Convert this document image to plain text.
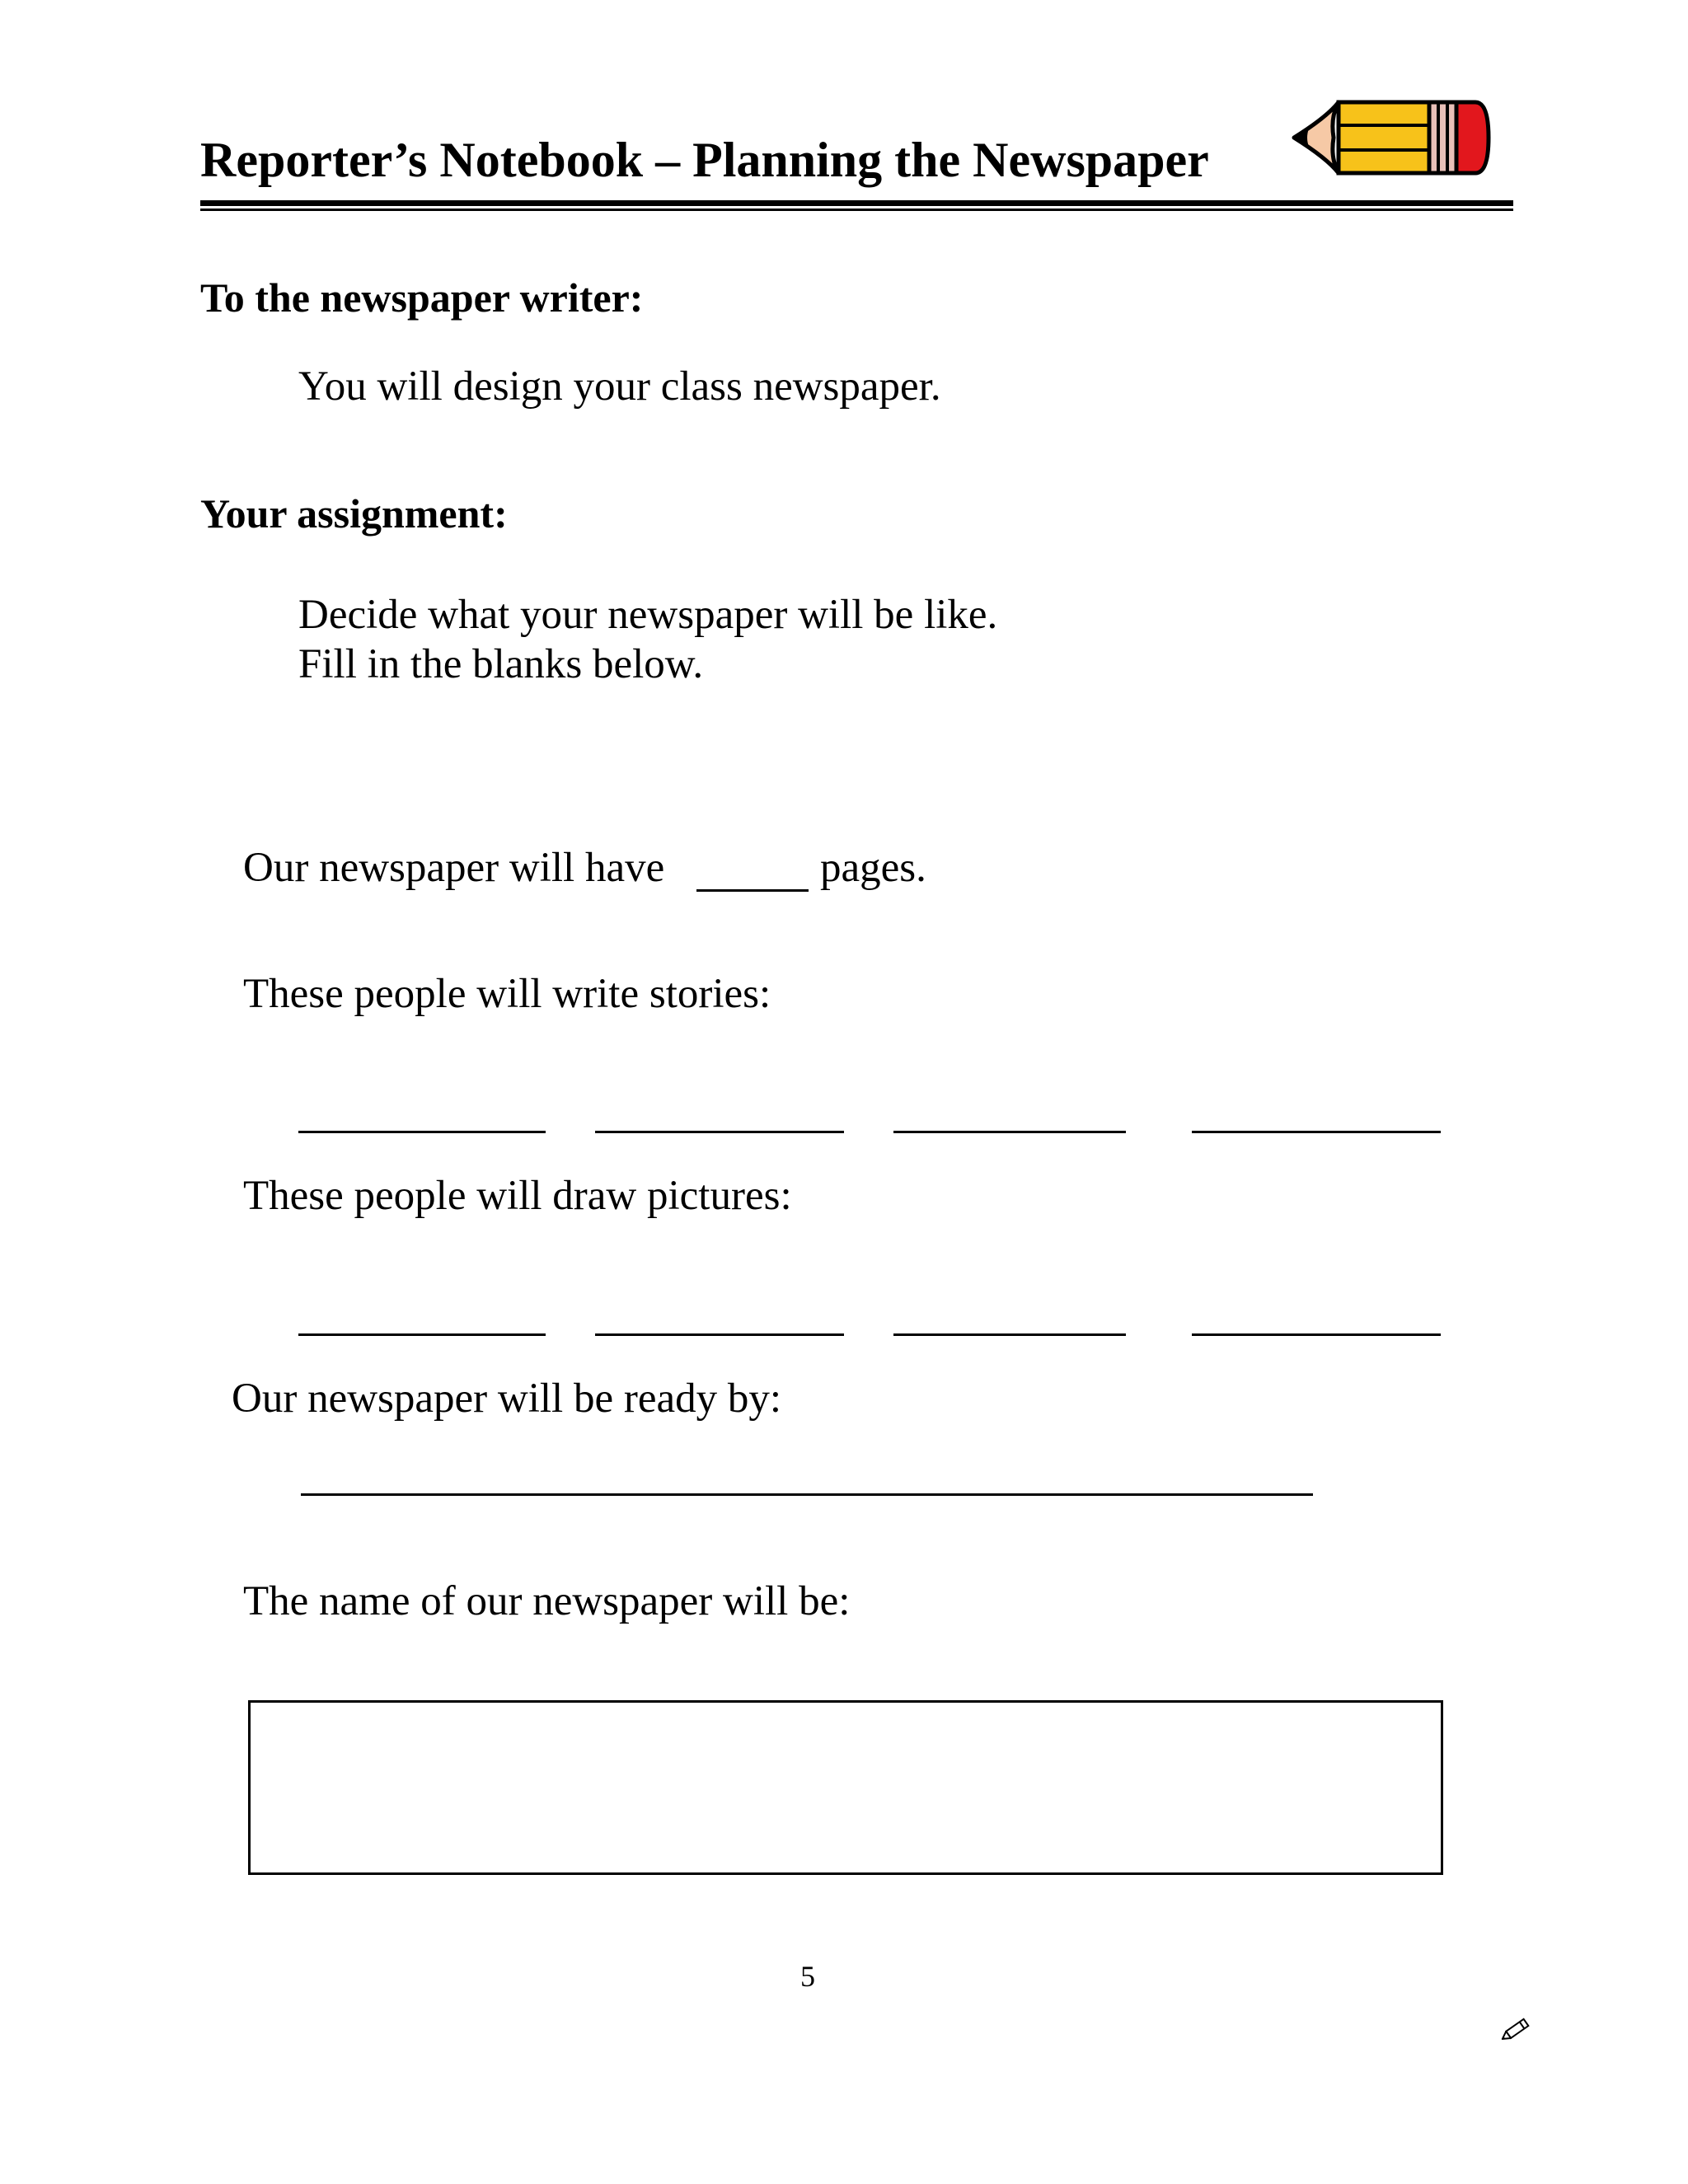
Reporter’s Notebook – Planning the Newspaper
To the newspaper writer:
You will design your class newspaper.
Your assignment:
Decide what your newspaper will be like.
Fill in the blanks below.
Our newspaper will have	pages.
These people will write stories:
These people will draw pictures:
Our newspaper will be ready by:
The name of our newspaper will be:
5
